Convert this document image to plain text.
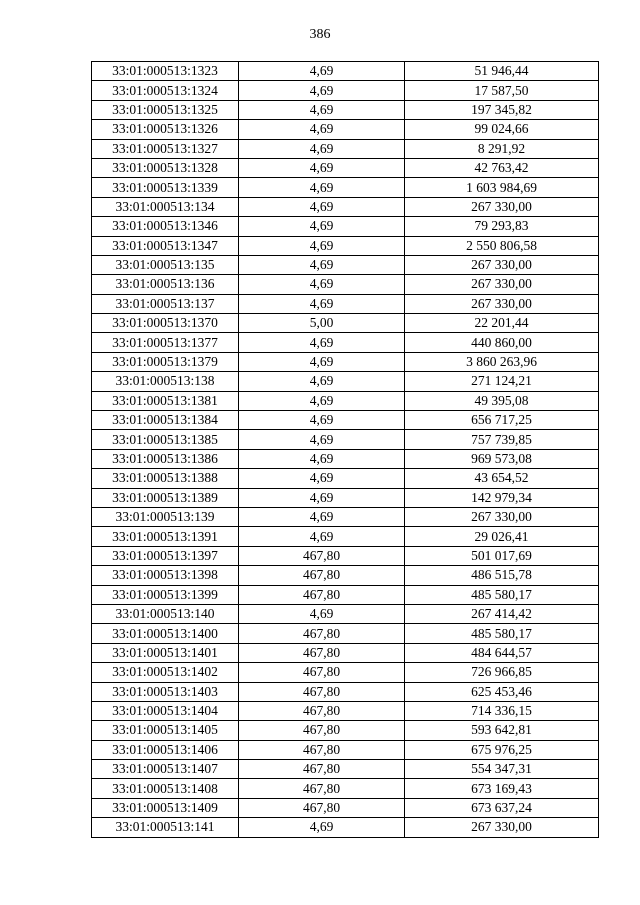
386
33:01:000513:1323	4,69	51 946,44
33:01:000513:1324	4,69	17 587,50
33:01:000513:1325	4,69	197 345,82
33:01:000513:1326	4,69	99 024,66
33:01:000513:1327	4,69	8 291,92
33:01:000513:1328	4,69	42 763,42
33:01:000513:1339	4,69	1 603 984,69
33:01:000513:134	4,69	267 330,00
33:01:000513:1346	4,69	79 293,83
33:01:000513:1347	4,69	2 550 806,58
33:01:000513:135	4,69	267 330,00
33:01:000513:136	4,69	267 330,00
33:01:000513:137	4,69	267 330,00
33:01:000513:1370	5,00	22 201,44
33:01:000513:1377	4,69	440 860,00
33:01:000513:1379	4,69	3 860 263,96
33:01:000513:138	4,69	271 124,21
33:01:000513:1381	4,69	49 395,08
33:01:000513:1384	4,69	656 717,25
33:01:000513:1385	4,69	757 739,85
33:01:000513:1386	4,69	969 573,08
33:01:000513:1388	4,69	43 654,52
33:01:000513:1389	4,69	142 979,34
33:01:000513:139	4,69	267 330,00
33:01:000513:1391	4,69	29 026,41
33:01:000513:1397	467,80	501 017,69
33:01:000513:1398	467,80	486 515,78
33:01:000513:1399	467,80	485 580,17
33:01:000513:140	4,69	267 414,42
33:01:000513:1400	467,80	485 580,17
33:01:000513:1401	467,80	484 644,57
33:01:000513:1402	467,80	726 966,85
33:01:000513:1403	467,80	625 453,46
33:01:000513:1404	467,80	714 336,15
33:01:000513:1405	467,80	593 642,81
33:01:000513:1406	467,80	675 976,25
33:01:000513:1407	467,80	554 347,31
33:01:000513:1408	467,80	673 169,43
33:01:000513:1409	467,80	673 637,24
33:01:000513:141	4,69	267 330,00
